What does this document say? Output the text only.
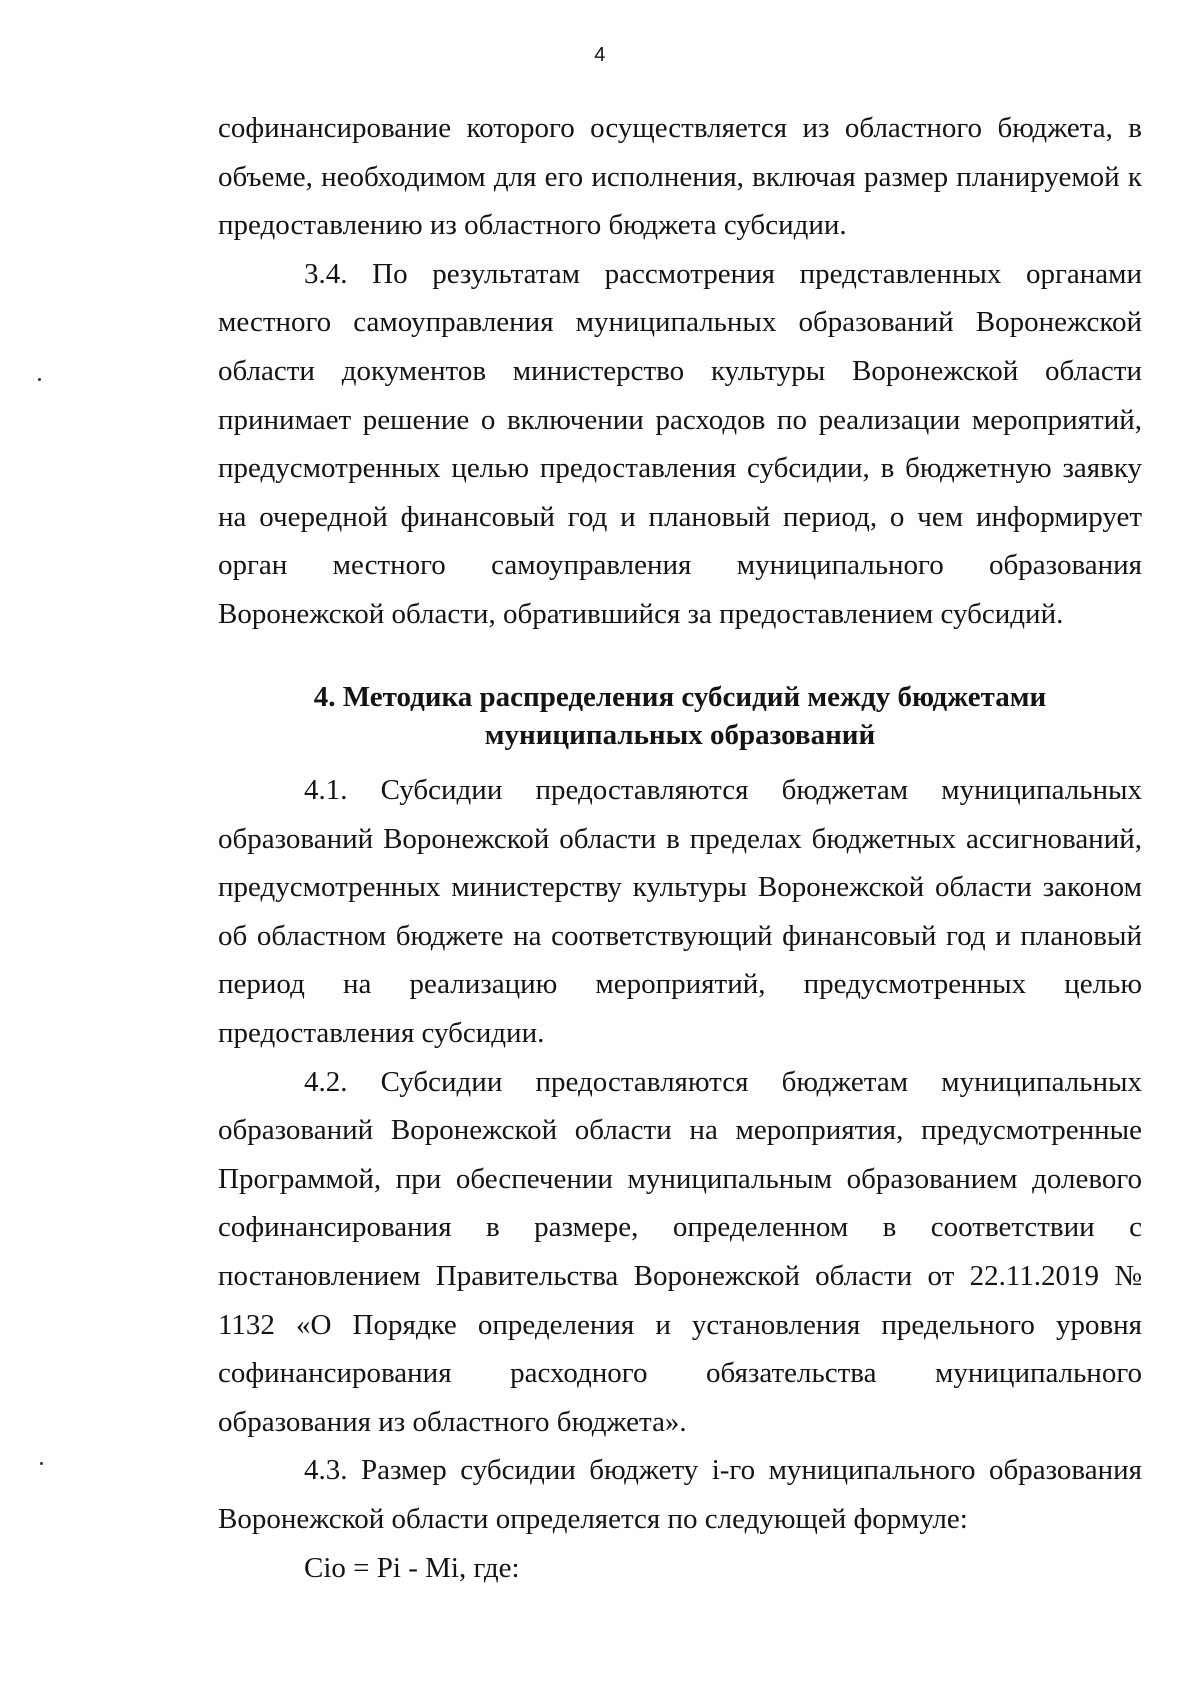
4

софинансирование которого осуществляется из областного бюджета, в объеме, необходимом для его исполнения, включая размер планируемой к предоставлению из областного бюджета субсидии.

3.4. По результатам рассмотрения представленных органами местного самоуправления муниципальных образований Воронежской области документов министерство культуры Воронежской области принимает решение о включении расходов по реализации мероприятий, предусмотренных целью предоставления субсидии, в бюджетную заявку на очередной финансовый год и плановый период, о чем информирует орган местного самоуправления муниципального образования Воронежской области, обратившийся за предоставлением субсидий.

4. Методика распределения субсидий между бюджетами
муниципальных образований

4.1. Субсидии предоставляются бюджетам муниципальных образований Воронежской области в пределах бюджетных ассигнований, предусмотренных министерству культуры Воронежской области законом об областном бюджете на соответствующий финансовый год и плановый период на реализацию мероприятий, предусмотренных целью предоставления субсидии.

4.2. Субсидии предоставляются бюджетам муниципальных образований Воронежской области на мероприятия, предусмотренные Программой, при обеспечении муниципальным образованием долевого софинансирования в размере, определенном в соответствии с постановлением Правительства Воронежской области от 22.11.2019 № 1132 «О Порядке определения и установления предельного уровня софинансирования расходного обязательства муниципального образования из областного бюджета».

4.3. Размер субсидии бюджету i-го муниципального образования Воронежской области определяется по следующей формуле:

Ciо = Pi - Mi, где:
